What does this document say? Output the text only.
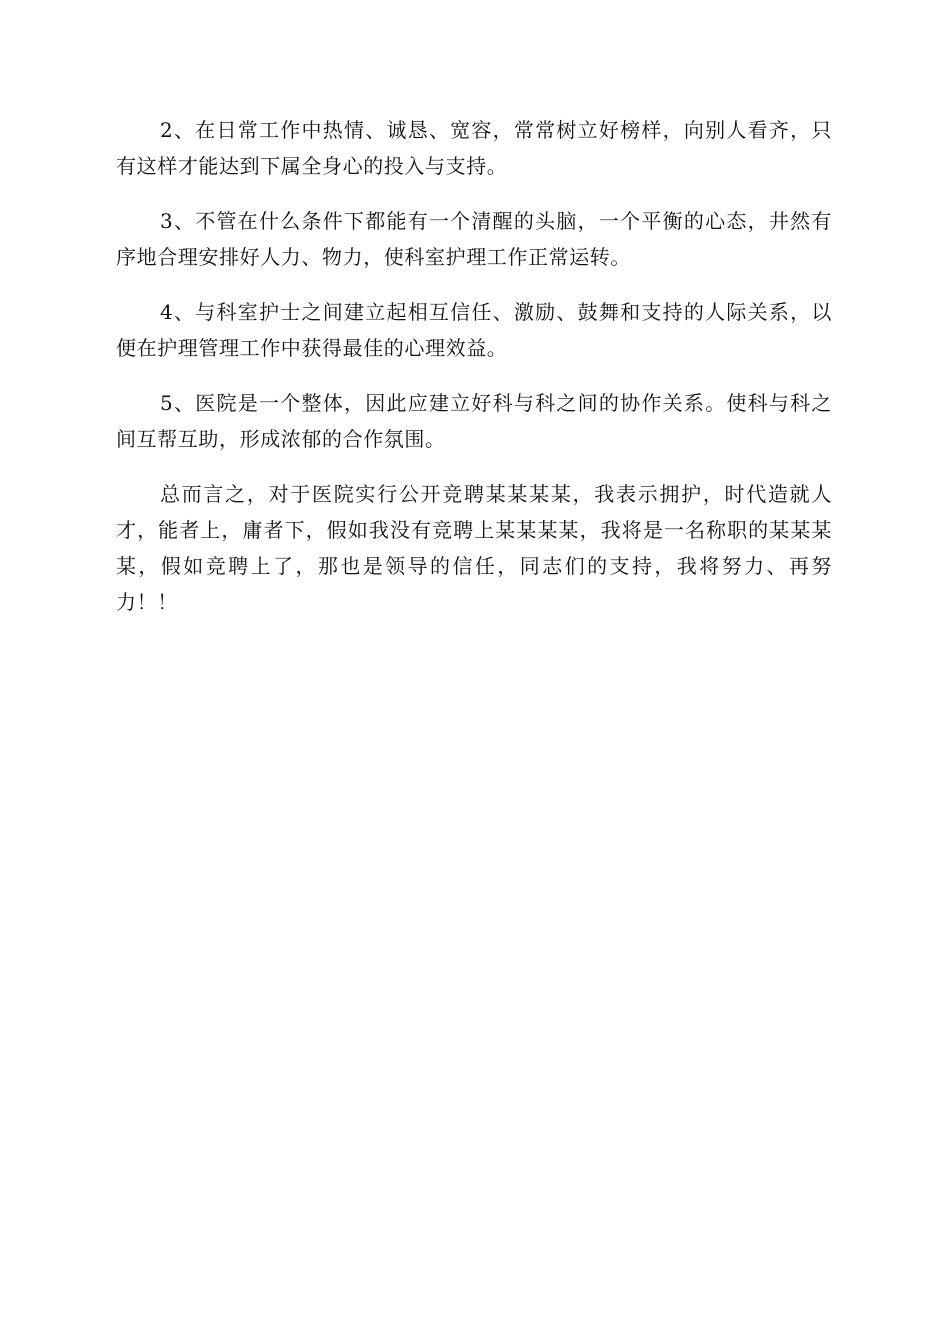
2、在日常工作中热情、诚恳、宽容，常常树立好榜样，向别人看齐，只有这样才能达到下属全身心的投入与支持。

3、不管在什么条件下都能有一个清醒的头脑，一个平衡的心态，井然有序地合理安排好人力、物力，使科室护理工作正常运转。

4、与科室护士之间建立起相互信任、激励、鼓舞和支持的人际关系，以便在护理管理工作中获得最佳的心理效益。

5、医院是一个整体，因此应建立好科与科之间的协作关系。使科与科之间互帮互助，形成浓郁的合作氛围。

总而言之，对于医院实行公开竞聘某某某某，我表示拥护，时代造就人才，能者上，庸者下，假如我没有竞聘上某某某某，我将是一名称职的某某某某，假如竞聘上了，那也是领导的信任，同志们的支持，我将努力、再努力！！
